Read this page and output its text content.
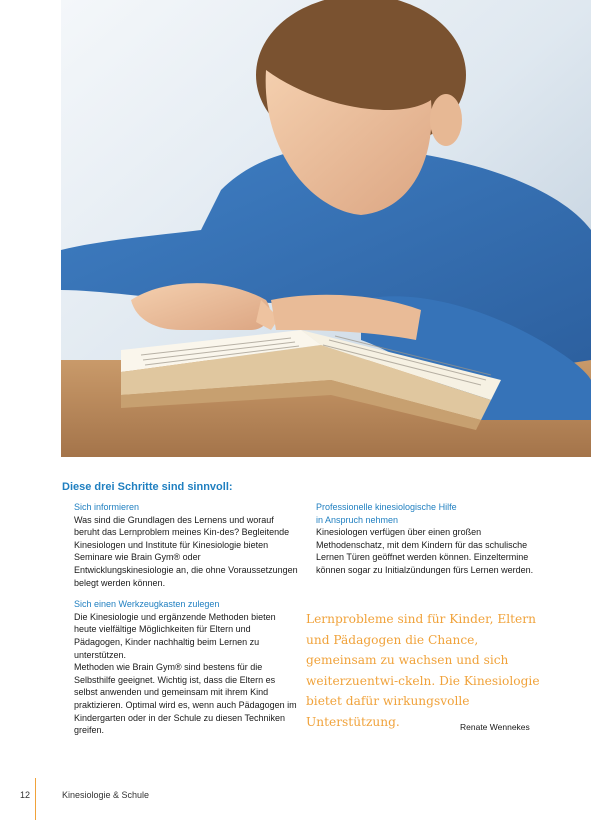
Diese drei Schritte sind sinnvoll:

Sich informieren

Was sind die Grundlagen des Lernens und worauf beruht das Lernproblem meines Kin-des? Begleitende Kinesiologen und Institute für Kinesiologie bieten Seminare wie Brain Gym® oder Entwicklungskinesiologie an, die ohne Voraussetzungen belegt werden können.

Sich einen Werkzeugkasten zulegen

Die Kinesiologie und ergänzende Methoden bieten heute vielfältige Möglichkeiten für Eltern und Pädagogen, Kinder nachhaltig beim Lernen zu unterstützen.

Methoden wie Brain Gym® sind bestens für die Selbsthilfe geeignet. Wichtig ist, dass die Eltern es selbst anwenden und gemeinsam mit ihrem Kind praktizieren. Optimal wird es, wenn auch Pädagogen im Kindergarten oder in der Schule zu diesen Techniken greifen.

Professionelle kinesiologische Hilfe

in Anspruch nehmen

Kinesiologen verfügen über einen großen Methodenschatz, mit dem Kindern für das schulische Lernen Türen geöffnet werden können. Einzeltermine können sogar zu Initialzündungen fürs Lernen werden.

Lernprobleme sind für Kinder, Eltern und Pädagogen die Chance, gemeinsam zu wachsen und sich weiterzuentwi-ckeln. Die Kinesiologie bietet dafür wirkungsvolle Unterstützung.	Renate Wennekes
12	Kinesiologie & Schule
